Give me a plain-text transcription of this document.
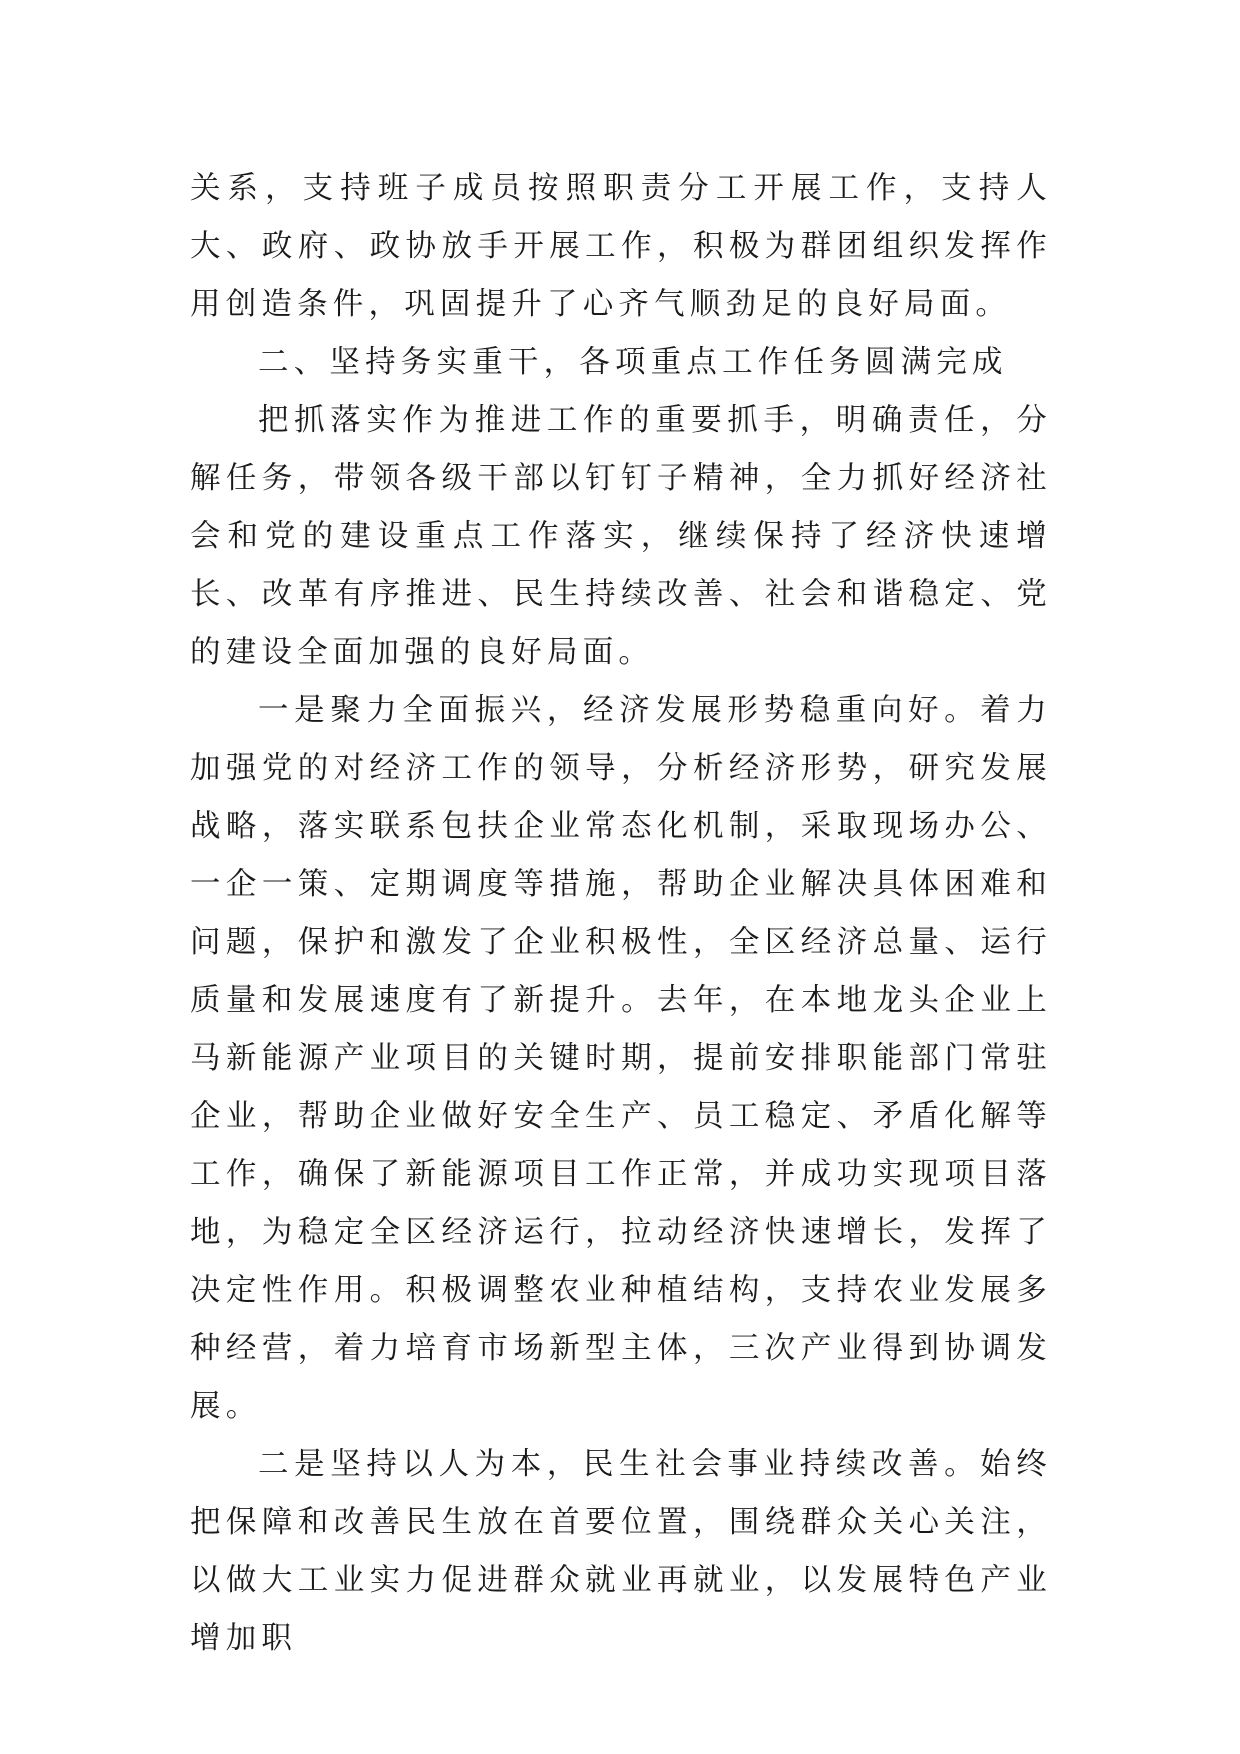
关系，支持班子成员按照职责分工开展工作，支持人大、政府、政协放手开展工作，积极为群团组织发挥作用创造条件，巩固提升了心齐气顺劲足的良好局面。

二、坚持务实重干，各项重点工作任务圆满完成

把抓落实作为推进工作的重要抓手，明确责任，分解任务，带领各级干部以钉钉子精神，全力抓好经济社会和党的建设重点工作落实，继续保持了经济快速增长、改革有序推进、民生持续改善、社会和谐稳定、党的建设全面加强的良好局面。

一是聚力全面振兴，经济发展形势稳重向好。着力加强党的对经济工作的领导，分析经济形势，研究发展战略，落实联系包扶企业常态化机制，采取现场办公、一企一策、定期调度等措施，帮助企业解决具体困难和问题，保护和激发了企业积极性，全区经济总量、运行质量和发展速度有了新提升。去年，在本地龙头企业上马新能源产业项目的关键时期，提前安排职能部门常驻企业，帮助企业做好安全生产、员工稳定、矛盾化解等工作，确保了新能源项目工作正常，并成功实现项目落地，为稳定全区经济运行，拉动经济快速增长，发挥了决定性作用。积极调整农业种植结构，支持农业发展多种经营，着力培育市场新型主体，三次产业得到协调发展。

二是坚持以人为本，民生社会事业持续改善。始终把保障和改善民生放在首要位置，围绕群众关心关注，以做大工业实力促进群众就业再就业，以发展特色产业增加职
